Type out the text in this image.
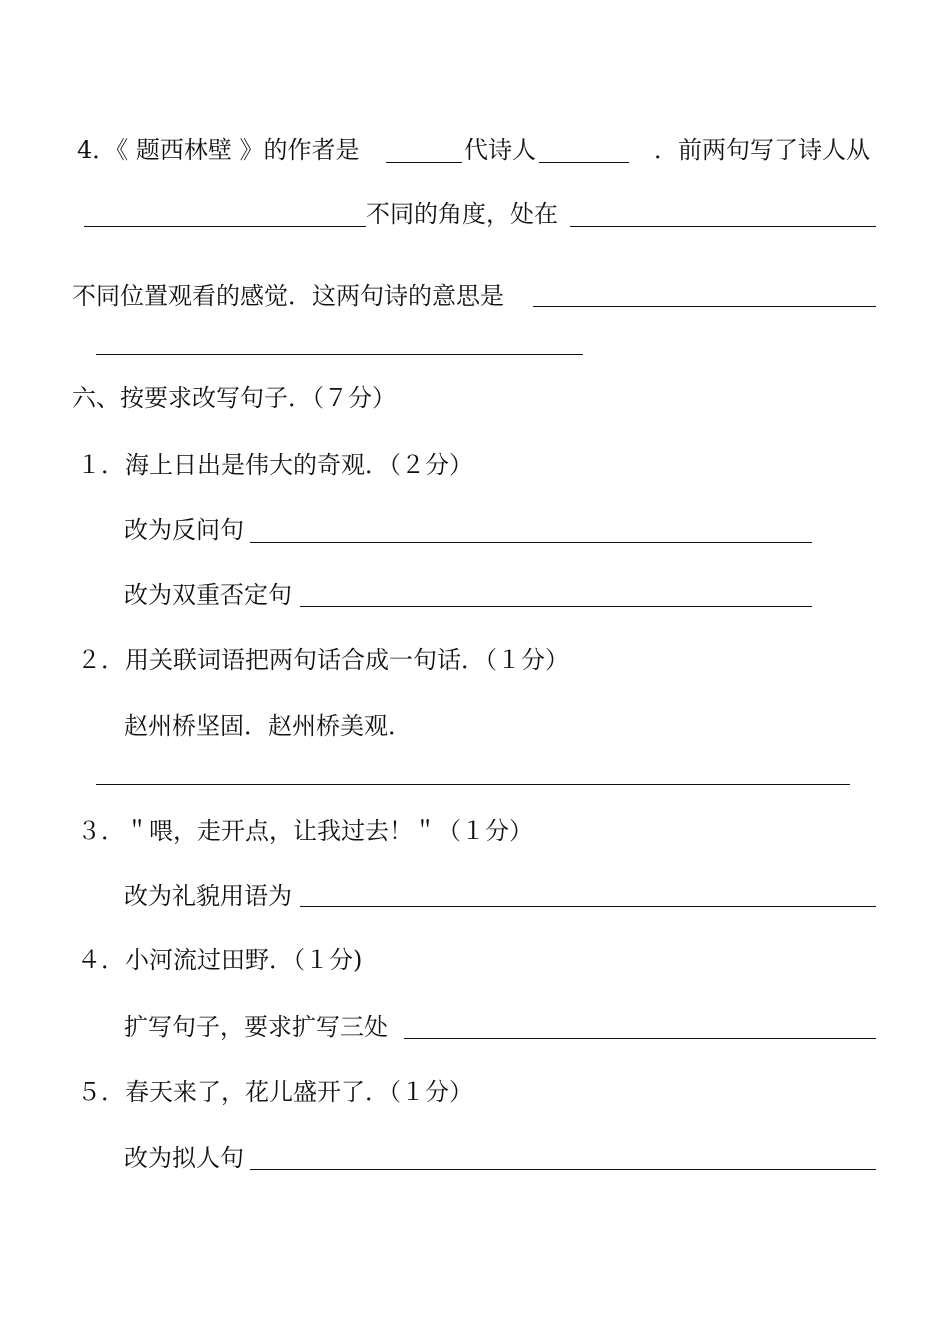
4．《 题西林壁 》的作者是	代诗人	．前两句写了诗人从
不同的角度，处在
不同位置观看的感觉．这两句诗的意思是
六、按要求改写句子．（７分）
１．海上日出是伟大的奇观．（２分）
改为反问句
改为双重否定句
２．用关联词语把两句话合成一句话．（１分）
赵州桥坚固．赵州桥美观．
３．＂喂，走开点，让我过去！＂（１分）
改为礼貌用语为
４．小河流过田野．（１分)
扩写句子，要求扩写三处
５．春天来了，花儿盛开了．（１分）
改为拟人句
